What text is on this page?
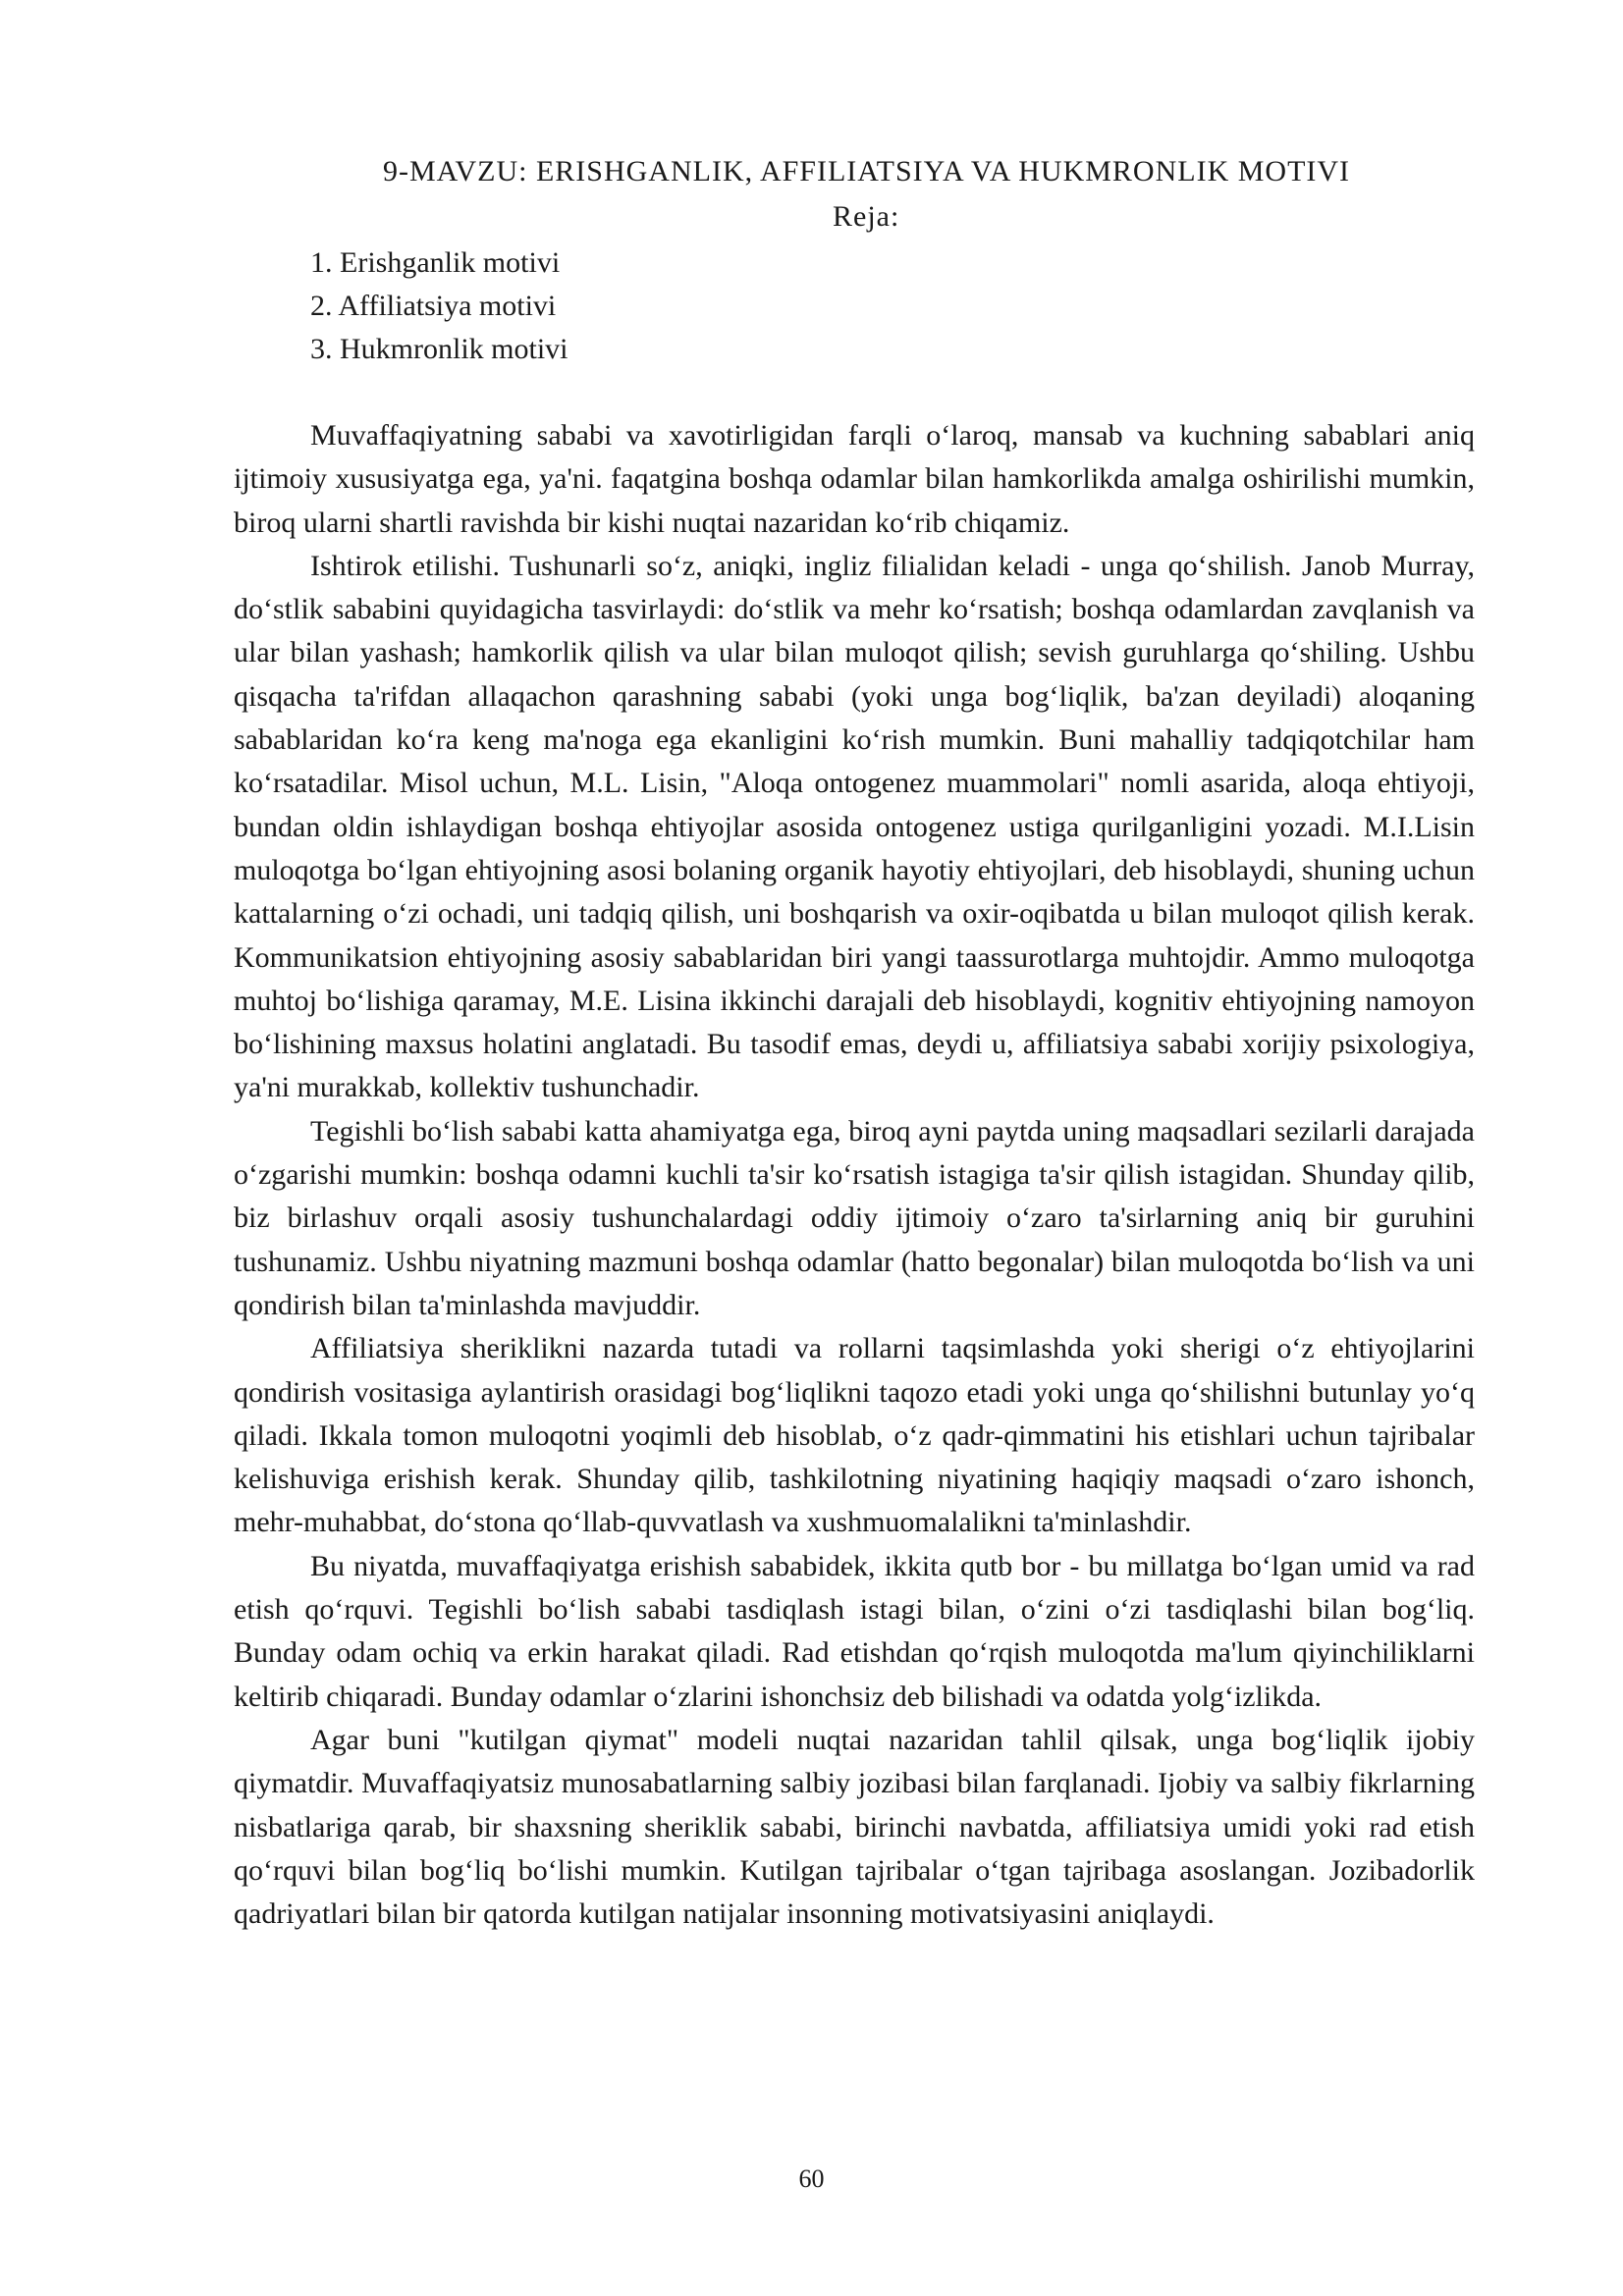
9-MAVZU: ERISHGANLIK, AFFILIATSIYA VA HUKMRONLIK MOTIVI
Reja:
1. Erishganlik motivi
2. Affiliatsiya motivi
3. Hukmronlik motivi

Muvaffaqiyatning sababi va xavotirligidan farqli o‘laroq, mansab va kuchning sabablari aniq ijtimoiy xususiyatga ega, ya'ni. faqatgina boshqa odamlar bilan hamkorlikda amalga oshirilishi mumkin, biroq ularni shartli ravishda bir kishi nuqtai nazaridan ko‘rib chiqamiz.

Ishtirok etilishi. Tushunarli so‘z, aniqki, ingliz filialidan keladi - unga qo‘shilish. Janob Murray, do‘stlik sababini quyidagicha tasvirlaydi: do‘stlik va mehr ko‘rsatish; boshqa odamlardan zavqlanish va ular bilan yashash; hamkorlik qilish va ular bilan muloqot qilish; sevish guruhlarga qo‘shiling. Ushbu qisqacha ta'rifdan allaqachon qarashning sababi (yoki unga bog‘liqlik, ba'zan deyiladi) aloqaning sabablaridan ko‘ra keng ma'noga ega ekanligini ko‘rish mumkin. Buni mahalliy tadqiqotchilar ham ko‘rsatadilar. Misol uchun, M.L. Lisin, "Aloqa ontogenez muammolari" nomli asarida, aloqa ehtiyoji, bundan oldin ishlaydigan boshqa ehtiyojlar asosida ontogenez ustiga qurilganligini yozadi. M.I.Lisin muloqotga bo‘lgan ehtiyojning asosi bolaning organik hayotiy ehtiyojlari, deb hisoblaydi, shuning uchun kattalarning o‘zi ochadi, uni tadqiq qilish, uni boshqarish va oxir-oqibatda u bilan muloqot qilish kerak. Kommunikatsion ehtiyojning asosiy sabablaridan biri yangi taassurotlarga muhtojdir. Ammo muloqotga muhtoj bo‘lishiga qaramay, M.E. Lisina ikkinchi darajali deb hisoblaydi, kognitiv ehtiyojning namoyon bo‘lishining maxsus holatini anglatadi. Bu tasodif emas, deydi u, affiliatsiya sababi xorijiy psixologiya, ya'ni murakkab, kollektiv tushunchadir.

Tegishli bo‘lish sababi katta ahamiyatga ega, biroq ayni paytda uning maqsadlari sezilarli darajada o‘zgarishi mumkin: boshqa odamni kuchli ta'sir ko‘rsatish istagiga ta'sir qilish istagidan. Shunday qilib, biz birlashuv orqali asosiy tushunchalardagi oddiy ijtimoiy o‘zaro ta'sirlarning aniq bir guruhini tushunamiz. Ushbu niyatning mazmuni boshqa odamlar (hatto begonalar) bilan muloqotda bo‘lish va uni qondirish bilan ta'minlashda mavjuddir.

Affiliatsiya sheriklikni nazarda tutadi va rollarni taqsimlashda yoki sherigi o‘z ehtiyojlarini qondirish vositasiga aylantirish orasidagi bog‘liqlikni taqozo etadi yoki unga qo‘shilishni butunlay yo‘q qiladi. Ikkala tomon muloqotni yoqimli deb hisoblab, o‘z qadr-qimmatini his etishlari uchun tajribalar kelishuviga erishish kerak. Shunday qilib, tashkilotning niyatining haqiqiy maqsadi o‘zaro ishonch, mehr-muhabbat, do‘stona qo‘llab-quvvatlash va xushmuomalalikni ta'minlashdir.

Bu niyatda, muvaffaqiyatga erishish sababidek, ikkita qutb bor - bu millatga bo‘lgan umid va rad etish qo‘rquvi. Tegishli bo‘lish sababi tasdiqlash istagi bilan, o‘zini o‘zi tasdiqlashi bilan bog‘liq. Bunday odam ochiq va erkin harakat qiladi. Rad etishdan qo‘rqish muloqotda ma'lum qiyinchiliklarni keltirib chiqaradi. Bunday odamlar o‘zlarini ishonchsiz deb bilishadi va odatda yolg‘izlikda.

Agar buni "kutilgan qiymat" modeli nuqtai nazaridan tahlil qilsak, unga bog‘liqlik ijobiy qiymatdir. Muvaffaqiyatsiz munosabatlarning salbiy jozibasi bilan farqlanadi. Ijobiy va salbiy fikrlarning nisbatlariga qarab, bir shaxsning sheriklik sababi, birinchi navbatda, affiliatsiya umidi yoki rad etish qo‘rquvi bilan bog‘liq bo‘lishi mumkin. Kutilgan tajribalar o‘tgan tajribaga asoslangan. Jozibadorlik qadriyatlari bilan bir qatorda kutilgan natijalar insonning motivatsiyasini aniqlaydi.

60
